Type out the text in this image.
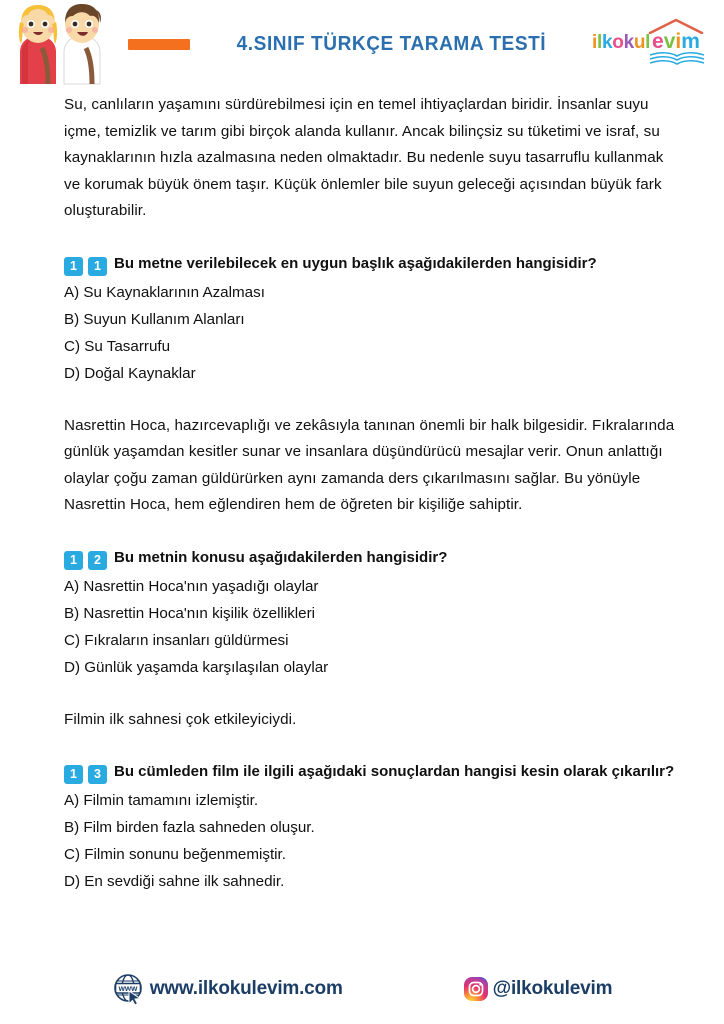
4.SINIF TÜRKÇE TARAMA TESTİ ilkokul evim

Su, canlıların yaşamını sürdürebilmesi için en temel ihtiyaçlardan biridir. İnsanlar suyu içme, temizlik ve tarım gibi birçok alanda kullanır. Ancak bilinçsiz su tüketimi ve israf, su kaynaklarının hızla azalmasına neden olmaktadır. Bu nedenle suyu tasarruflu kullanmak ve korumak büyük önem taşır. Küçük önlemler bile suyun geleceği açısından büyük fark oluşturabilir.

1 1 Bu metne verilebilecek en uygun başlık aşağıdakilerden hangisidir?
A) Su Kaynaklarının Azalması
B) Suyun Kullanım Alanları
C) Su Tasarrufu
D) Doğal Kaynaklar

Nasrettin Hoca, hazırcevaplığı ve zekâsıyla tanınan önemli bir halk bilgesidir. Fıkralarında günlük yaşamdan kesitler sunar ve insanlara düşündürücü mesajlar verir. Onun anlattığı olaylar çoğu zaman güldürürken aynı zamanda ders çıkarılmasını sağlar. Bu yönüyle Nasrettin Hoca, hem eğlendiren hem de öğreten bir kişiliğe sahiptir.

1 2 Bu metnin konusu aşağıdakilerden hangisidir?
A) Nasrettin Hoca'nın yaşadığı olaylar
B) Nasrettin Hoca'nın kişilik özellikleri
C) Fıkraların insanları güldürmesi
D) Günlük yaşamda karşılaşılan olaylar

Filmin ilk sahnesi çok etkileyiciydi.

1 3 Bu cümleden film ile ilgili aşağıdaki sonuçlardan hangisi kesin olarak çıkarılır?
A) Filmin tamamını izlemiştir.
B) Film birden fazla sahneden oluşur.
C) Filmin sonunu beğenmemiştir.
D) En sevdiği sahne ilk sahnedir.
www www.ilkokulevim.com	@ilkokulevim
